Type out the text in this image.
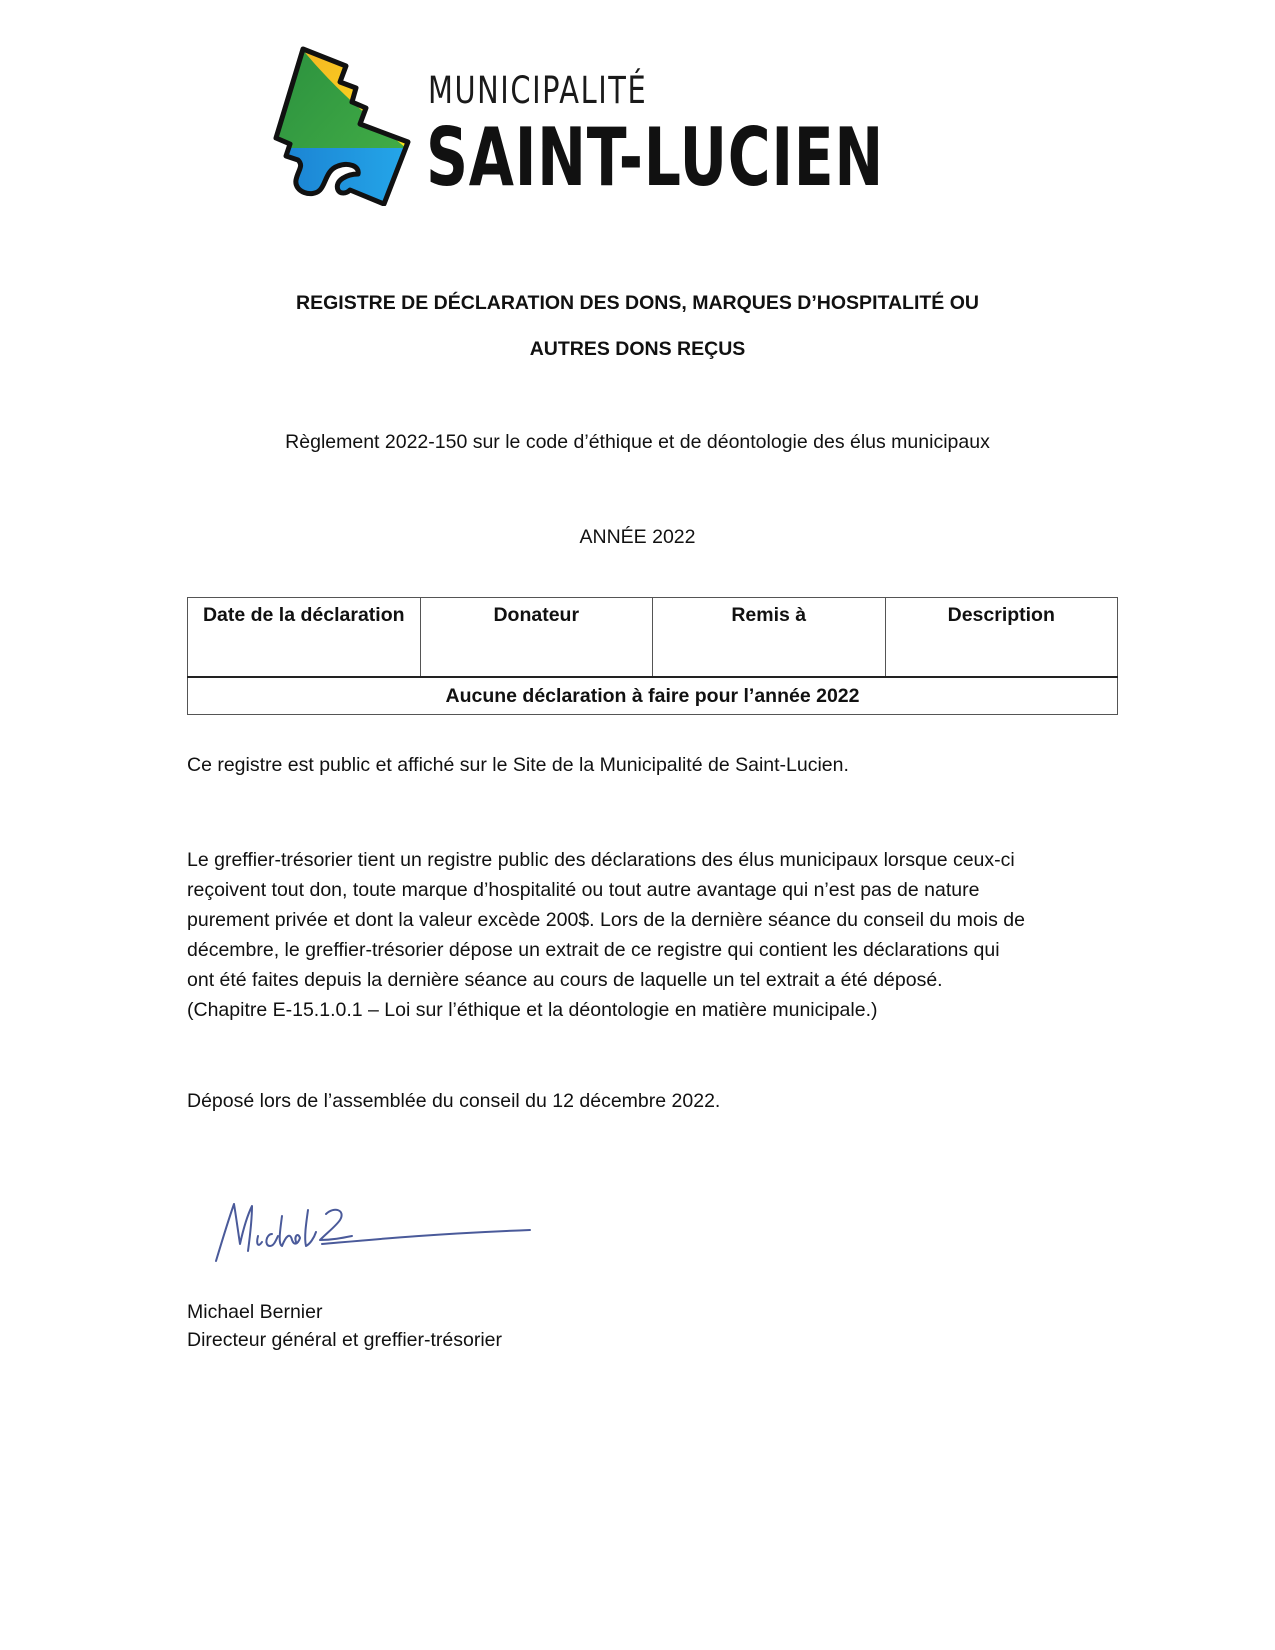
MUNICIPALITÉ
SAINT-LUCIEN
REGISTRE DE DÉCLARATION DES DONS, MARQUES D’HOSPITALITÉ OU
AUTRES DONS REÇUS
Règlement 2022-150 sur le code d’éthique et de déontologie des élus municipaux
ANNÉE 2022
Date de la déclaration	Donateur	Remis à	Description
Aucune déclaration à faire pour l’année 2022
Ce registre est public et affiché sur le Site de la Municipalité de Saint-Lucien.
Le greffier-trésorier tient un registre public des déclarations des élus municipaux lorsque ceux-ci
reçoivent tout don, toute marque d’hospitalité ou tout autre avantage qui n’est pas de nature
purement privée et dont la valeur excède 200$. Lors de la dernière séance du conseil du mois de
décembre, le greffier-trésorier dépose un extrait de ce registre qui contient les déclarations qui
ont été faites depuis la dernière séance au cours de laquelle un tel extrait a été déposé.
(Chapitre E-15.1.0.1 – Loi sur l’éthique et la déontologie en matière municipale.)
Déposé lors de l’assemblée du conseil du 12 décembre 2022.
Michael Bernier
Directeur général et greffier-trésorier
